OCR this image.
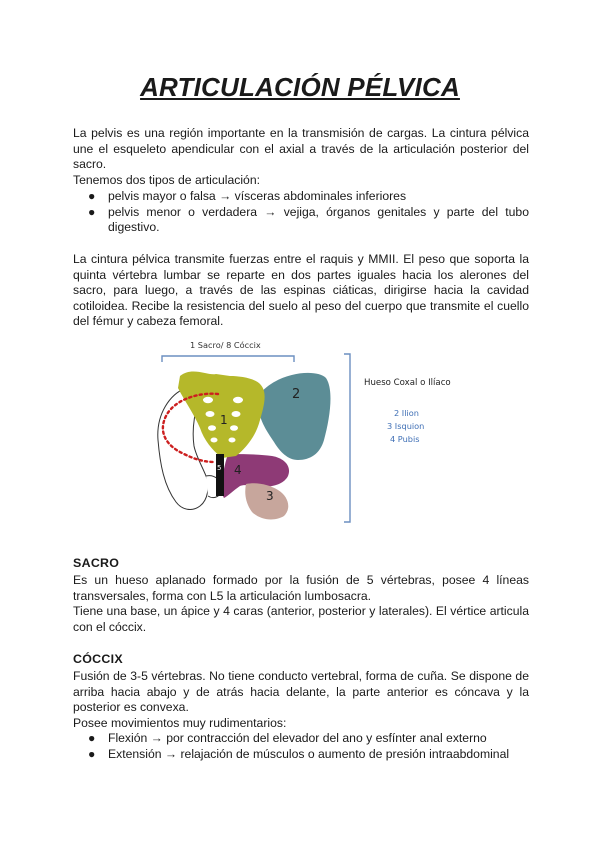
ARTICULACIÓN PÉLVICA

La pelvis es una región importante en la transmisión de cargas. La cintura pélvica une el esqueleto apendicular con el axial a través de la articulación posterior del sacro.

Tenemos dos tipos de articulación:

● pelvis mayor o falsa → vísceras abdominales inferiores
● pelvis menor o verdadera → vejiga, órganos genitales y parte del tubo digestivo.

La cintura pélvica transmite fuerzas entre el raquis y MMII. El peso que soporta la quinta vértebra lumbar se reparte en dos partes iguales hacia los alerones del sacro, para luego, a través de las espinas ciáticas, dirigirse hacia la cavidad cotiloidea. Recibe la resistencia del suelo al peso del cuerpo que transmite el cuello del fémur y cabeza femoral.

1
2
3
4
5
1 Sacro/ 8 Cóccix
Hueso Coxal o Ilíaco
2 Ilion
3 Isquion
4 Pubis
SACRO

Es un hueso aplanado formado por la fusión de 5 vértebras, posee 4 líneas transversales, forma con L5 la articulación lumbosacra.

Tiene una base, un ápice y 4 caras (anterior, posterior y laterales). El vértice articula con el cóccix.

CÓCCIX

Fusión de 3-5 vértebras. No tiene conducto vertebral, forma de cuña. Se dispone de arriba hacia abajo y de atrás hacia delante, la parte anterior es cóncava y la posterior es convexa.

Posee movimientos muy rudimentarios:

● Flexión → por contracción del elevador del ano y esfínter anal externo
● Extensión → relajación de músculos o aumento de presión intraabdominal
